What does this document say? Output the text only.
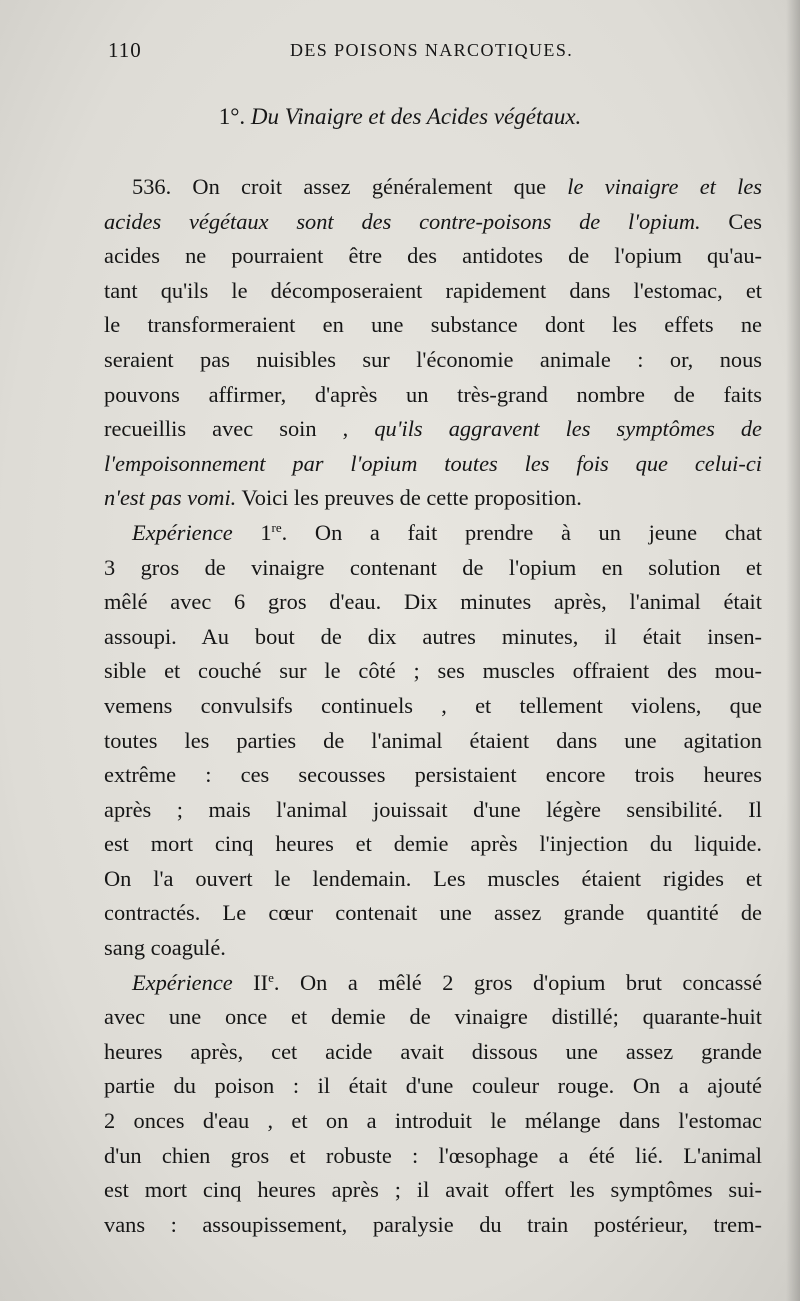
110	DES POISONS NARCOTIQUES.
1°. Du Vinaigre et des Acides végétaux.
536. On croit assez généralement que le vinaigre et les
acides végétaux sont des contre-poisons de l'opium. Ces
acides ne pourraient être des antidotes de l'opium qu'au-
tant qu'ils le décomposeraient rapidement dans l'estomac, et
le transformeraient en une substance dont les effets ne
seraient pas nuisibles sur l'économie animale : or, nous
pouvons affirmer, d'après un très-grand nombre de faits
recueillis avec soin , qu'ils aggravent les symptômes de
l'empoisonnement par l'opium toutes les fois que celui-ci
n'est pas vomi. Voici les preuves de cette proposition.
Expérience 1re. On a fait prendre à un jeune chat
3 gros de vinaigre contenant de l'opium en solution et
mêlé avec 6 gros d'eau. Dix minutes après, l'animal était
assoupi. Au bout de dix autres minutes, il était insen-
sible et couché sur le côté ; ses muscles offraient des mou-
vemens convulsifs continuels , et tellement violens, que
toutes les parties de l'animal étaient dans une agitation
extrême : ces secousses persistaient encore trois heures
après ; mais l'animal jouissait d'une légère sensibilité. Il
est mort cinq heures et demie après l'injection du liquide.
On l'a ouvert le lendemain. Les muscles étaient rigides et
contractés. Le cœur contenait une assez grande quantité de
sang coagulé.
Expérience IIe. On a mêlé 2 gros d'opium brut concassé
avec une once et demie de vinaigre distillé; quarante-huit
heures après, cet acide avait dissous une assez grande
partie du poison : il était d'une couleur rouge. On a ajouté
2 onces d'eau , et on a introduit le mélange dans l'estomac
d'un chien gros et robuste : l'œsophage a été lié. L'animal
est mort cinq heures après ; il avait offert les symptômes sui-
vans : assoupissement, paralysie du train postérieur, trem-
